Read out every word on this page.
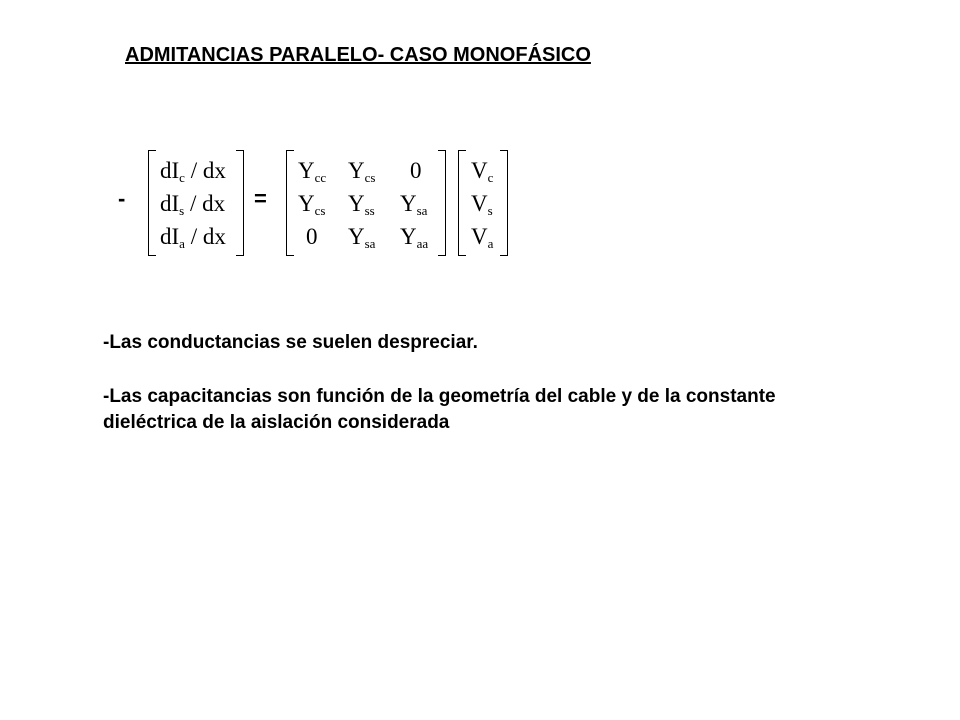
ADMITANCIAS PARALELO- CASO MONOFÁSICO
-
$dI_c$ / dx
$dI_s$ / dx
$dI_a$ / dx
=
$Y_{cc}$ $Y_{cs}$ 0
$Y_{cs}$ $Y_{ss}$ $Y_{sa}$
0 $Y_{sa}$ $Y_{aa}$
$V_c$
$V_s$
$V_a$
-Las conductancias se suelen despreciar.
-Las capacitancias son función de la geometría del cable y de la constante dieléctrica de la aislación considerada
